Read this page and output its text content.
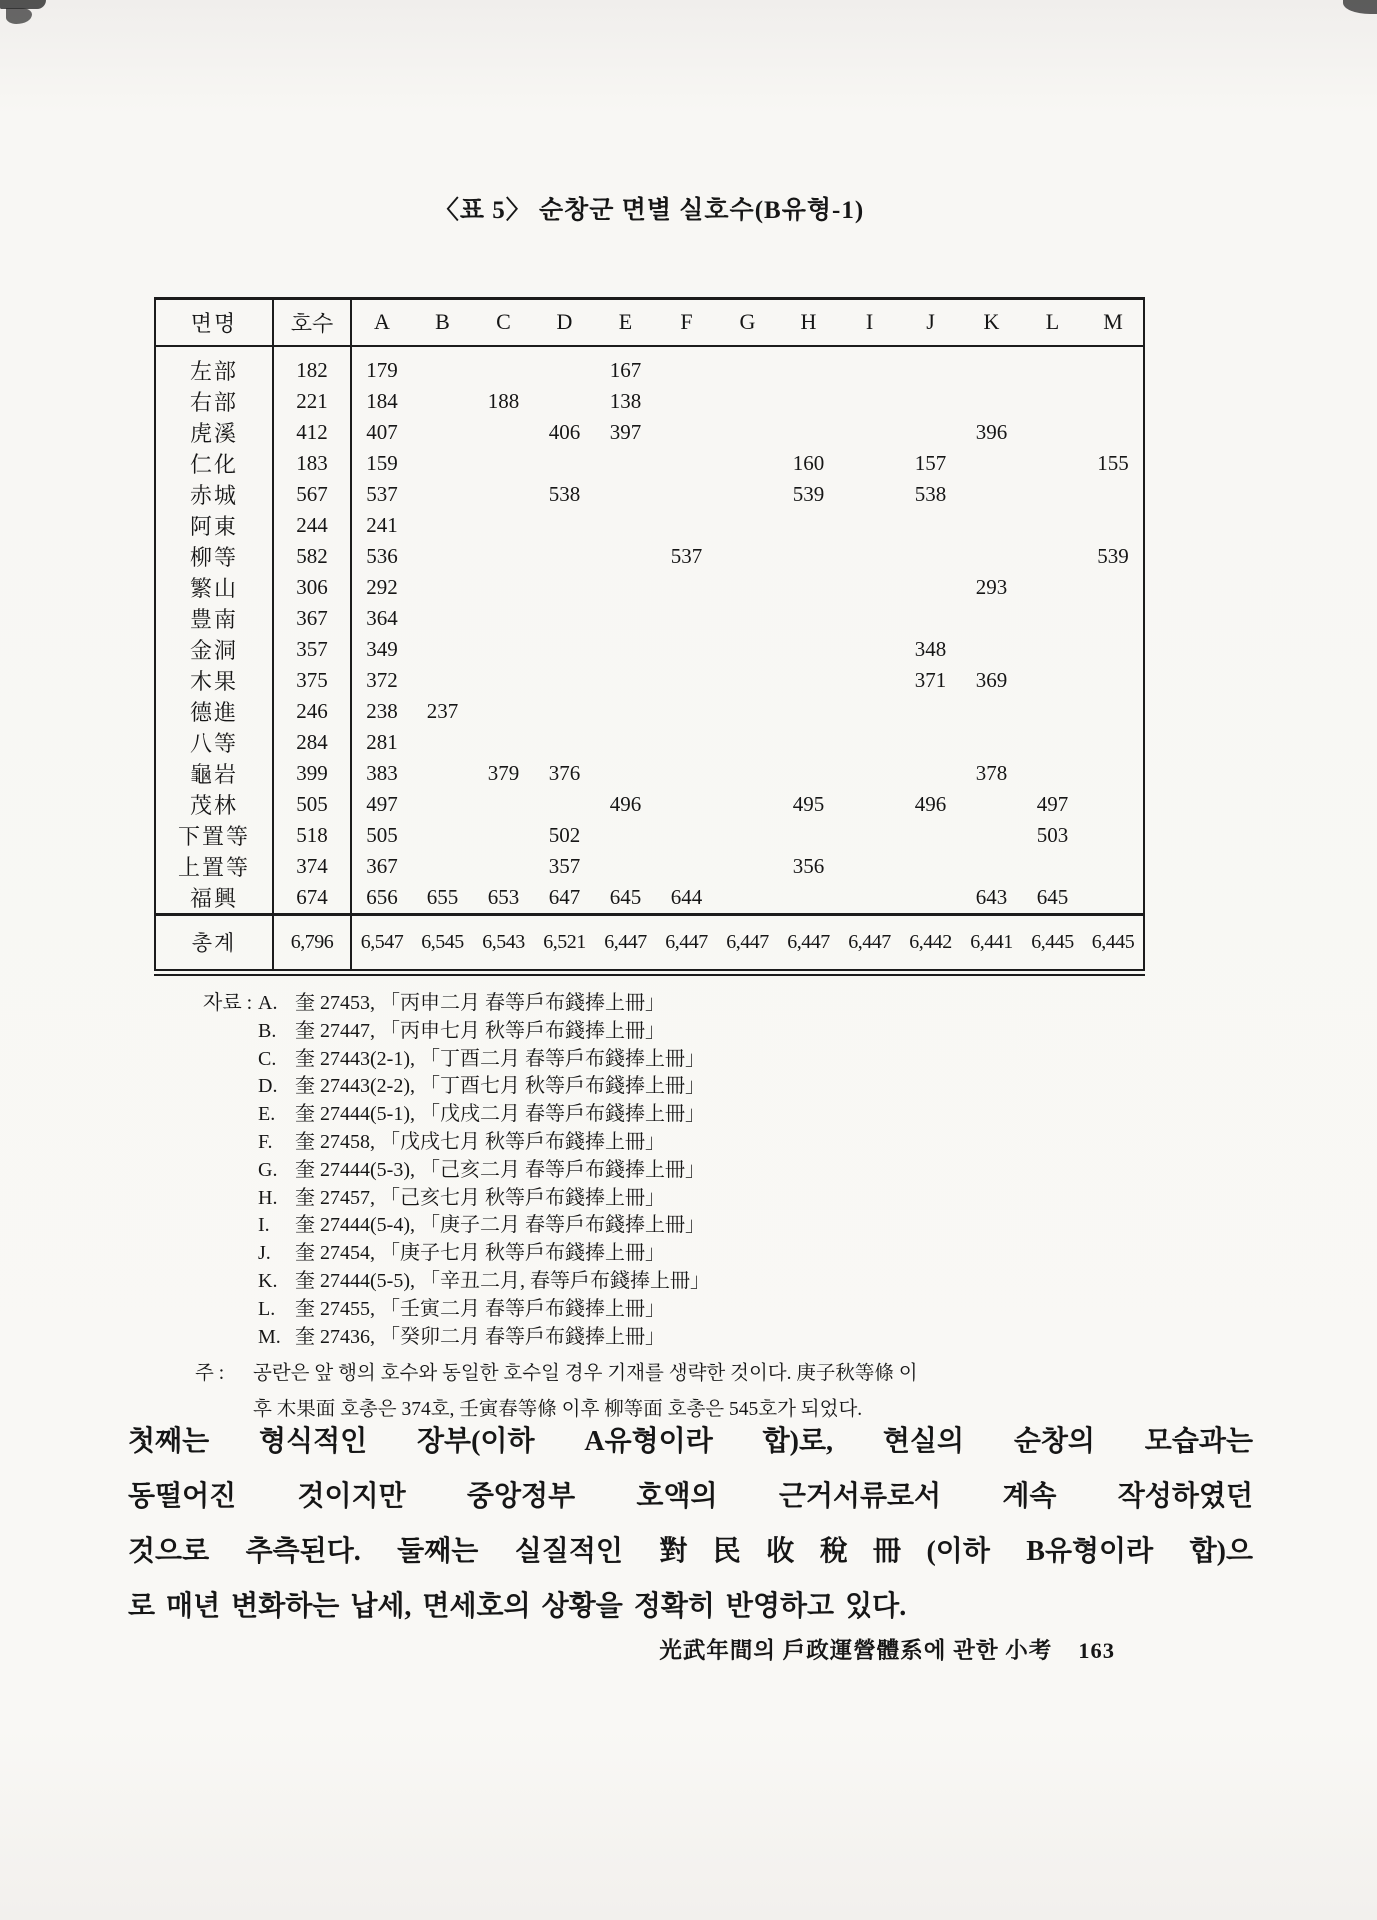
〈표 5〉 순창군 면별 실호수(B유형-1)
면명	호수	A	B	C	D	E	F	G	H	I	J	K	L	M
左部	182	179				167								
右部	221	184		188		138								
虎溪	412	407			406	397						396		
仁化	183	159							160		157			155
赤城	567	537			538				539		538			
阿東	244	241												
柳等	582	536					537							539
繁山	306	292										293		
豊南	367	364												
金洞	357	349									348			
木果	375	372									371	369		
德進	246	238	237											
八等	284	281												
龜岩	399	383		379	376							378		
茂林	505	497				496			495		496		497	
下置等	518	505			502								503	
上置等	374	367			357				356					
福興	674	656	655	653	647	645	644					643	645	
총계	6,796	6,547	6,545	6,543	6,521	6,447	6,447	6,447	6,447	6,447	6,442	6,441	6,445	6,445
자료 : A. 奎 27453, 「丙申二月 春等戶布錢捧上冊」
B. 奎 27447, 「丙申七月 秋等戶布錢捧上冊」
C. 奎 27443(2-1), 「丁酉二月 春等戶布錢捧上冊」
D. 奎 27443(2-2), 「丁酉七月 秋等戶布錢捧上冊」
E. 奎 27444(5-1), 「戊戌二月 春等戶布錢捧上冊」
F. 奎 27458, 「戊戌七月 秋等戶布錢捧上冊」
G. 奎 27444(5-3), 「己亥二月 春等戶布錢捧上冊」
H. 奎 27457, 「己亥七月 秋等戶布錢捧上冊」
I. 奎 27444(5-4), 「庚子二月 春等戶布錢捧上冊」
J. 奎 27454, 「庚子七月 秋等戶布錢捧上冊」
K. 奎 27444(5-5), 「辛丑二月, 春等戶布錢捧上冊」
L. 奎 27455, 「壬寅二月 春等戶布錢捧上冊」
M. 奎 27436, 「癸卯二月 春等戶布錢捧上冊」
주 : 공란은 앞 행의 호수와 동일한 호수일 경우 기재를 생략한 것이다. 庚子秋等條 이
후 木果面 호총은 374호, 壬寅春等條 이후 柳等面 호총은 545호가 되었다.
첫째는 형식적인 장부(이하 A유형이라 합)로, 현실의 순창의 모습과는
동떨어진 것이지만 중앙정부 호액의 근거서류로서 계속 작성하였던
것으로 추측된다. 둘째는 실질적인 對民收稅冊(이하 B유형이라 합)으
로 매년 변화하는 납세, 면세호의 상황을 정확히 반영하고 있다.
光武年間의 戶政運營體系에 관한 小考 163
